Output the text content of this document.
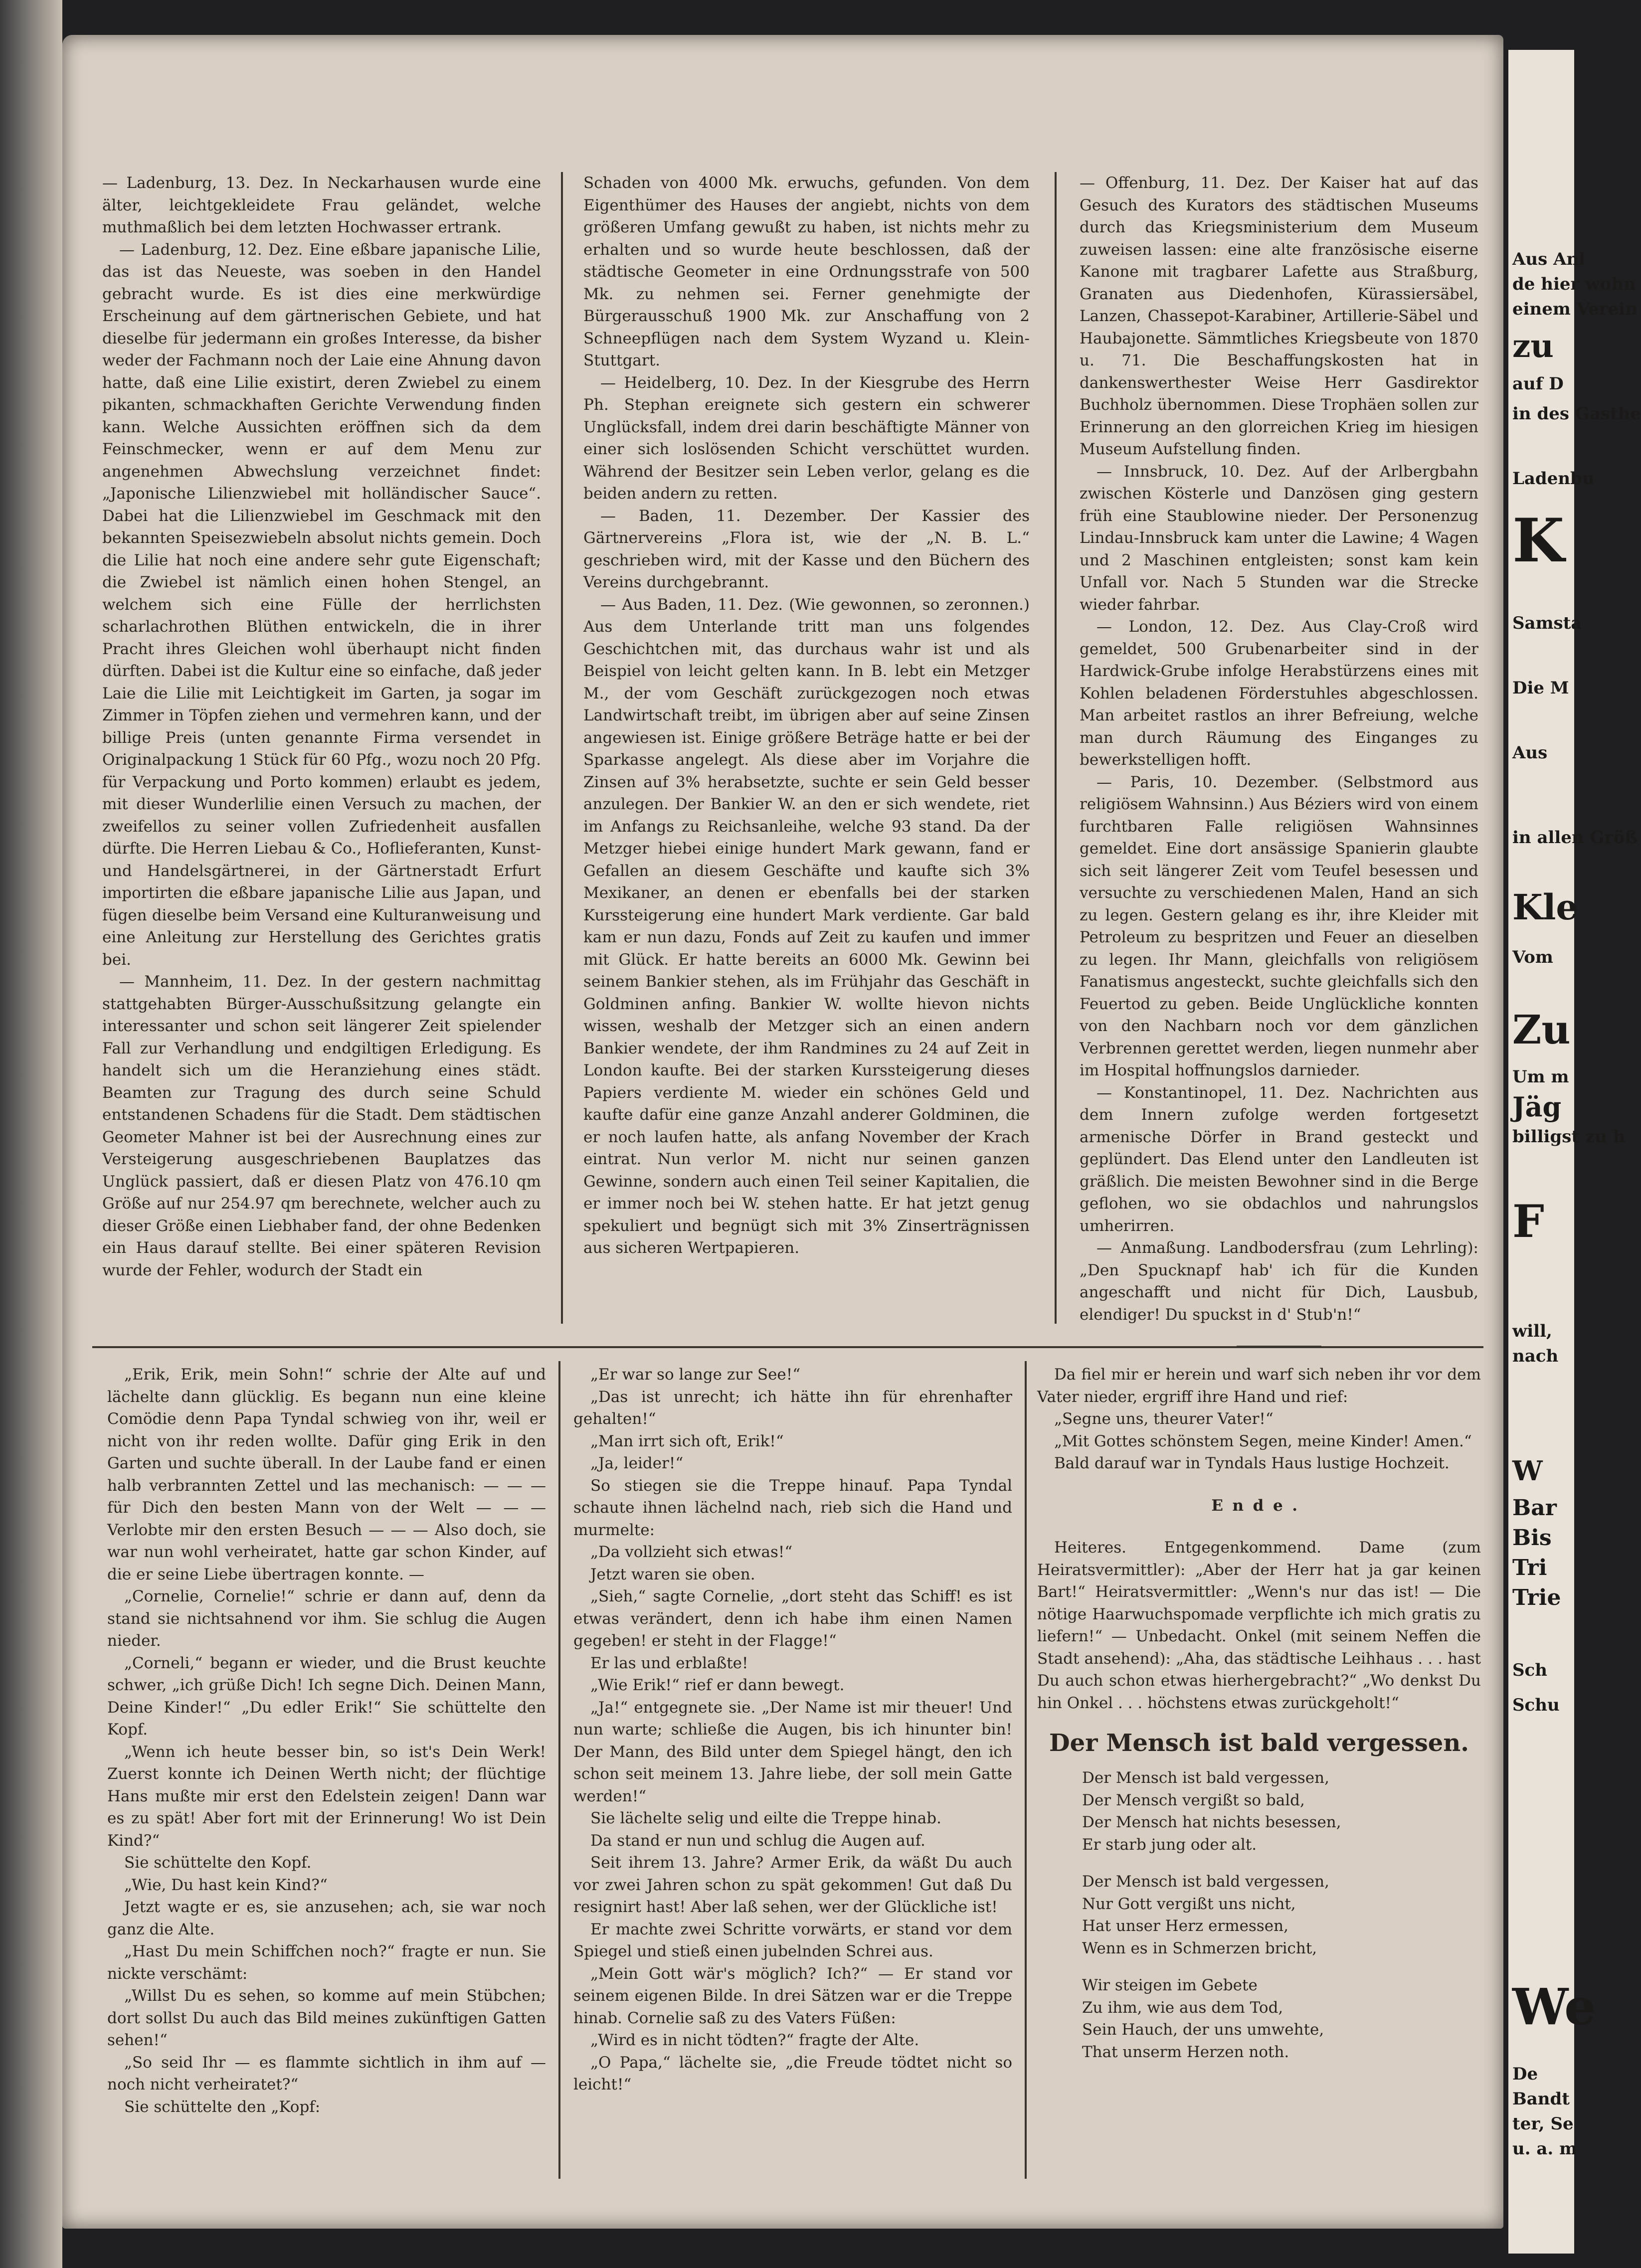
— Ladenburg, 13. Dez. In Neckarhausen wurde eine älter, leichtgekleidete Frau geländet, welche muthmaßlich bei dem letzten Hochwasser ertrank.

— Ladenburg, 12. Dez. Eine eßbare japanische Lilie, das ist das Neueste, was soeben in den Handel gebracht wurde. Es ist dies eine merkwürdige Erscheinung auf dem gärtnerischen Gebiete, und hat dieselbe für jedermann ein großes Interesse, da bisher weder der Fachmann noch der Laie eine Ahnung davon hatte, daß eine Lilie existirt, deren Zwiebel zu einem pikanten, schmackhaften Gerichte Verwendung finden kann. Welche Aussichten eröffnen sich da dem Feinschmecker, wenn er auf dem Menu zur angenehmen Abwechslung verzeichnet findet: „Japonische Lilienzwiebel mit holländischer Sauce“. Dabei hat die Lilienzwiebel im Geschmack mit den bekannten Speisezwiebeln absolut nichts gemein. Doch die Lilie hat noch eine andere sehr gute Eigenschaft; die Zwiebel ist nämlich einen hohen Stengel, an welchem sich eine Fülle der herrlichsten scharlachrothen Blüthen entwickeln, die in ihrer Pracht ihres Gleichen wohl überhaupt nicht finden dürften. Dabei ist die Kultur eine so einfache, daß jeder Laie die Lilie mit Leichtigkeit im Garten, ja sogar im Zimmer in Töpfen ziehen und vermehren kann, und der billige Preis (unten genannte Firma versendet in Originalpackung 1 Stück für 60 Pfg., wozu noch 20 Pfg. für Verpackung und Porto kommen) erlaubt es jedem, mit dieser Wunderlilie einen Versuch zu machen, der zweifellos zu seiner vollen Zufriedenheit ausfallen dürfte. Die Herren Liebau & Co., Hoflieferanten, Kunst- und Handelsgärtnerei, in der Gärtnerstadt Erfurt importirten die eßbare japanische Lilie aus Japan, und fügen dieselbe beim Versand eine Kulturanweisung und eine Anleitung zur Herstellung des Gerichtes gratis bei.

— Mannheim, 11. Dez. In der gestern nachmittag stattgehabten Bürger-Ausschußsitzung gelangte ein interessanter und schon seit längerer Zeit spielender Fall zur Verhandlung und endgiltigen Erledigung. Es handelt sich um die Heranziehung eines städt. Beamten zur Tragung des durch seine Schuld entstandenen Schadens für die Stadt. Dem städtischen Geometer Mahner ist bei der Ausrechnung eines zur Versteigerung ausgeschriebenen Bauplatzes das Unglück passiert, daß er diesen Platz von 476.10 qm Größe auf nur 254.97 qm berechnete, welcher auch zu dieser Größe einen Liebhaber fand, der ohne Bedenken ein Haus darauf stellte. Bei einer späteren Revision wurde der Fehler, wodurch der Stadt ein

Schaden von 4000 Mk. erwuchs, gefunden. Von dem Eigenthümer des Hauses der angiebt, nichts von dem größeren Umfang gewußt zu haben, ist nichts mehr zu erhalten und so wurde heute beschlossen, daß der städtische Geometer in eine Ordnungsstrafe von 500 Mk. zu nehmen sei. Ferner genehmigte der Bürgerausschuß 1900 Mk. zur Anschaffung von 2 Schneepflügen nach dem System Wyzand u. Klein-Stuttgart.

— Heidelberg, 10. Dez. In der Kiesgrube des Herrn Ph. Stephan ereignete sich gestern ein schwerer Unglücksfall, indem drei darin beschäftigte Männer von einer sich loslösenden Schicht verschüttet wurden. Während der Besitzer sein Leben verlor, gelang es die beiden andern zu retten.

— Baden, 11. Dezember. Der Kassier des Gärtnervereins „Flora ist, wie der „N. B. L.“ geschrieben wird, mit der Kasse und den Büchern des Vereins durchgebrannt.

— Aus Baden, 11. Dez. (Wie gewonnen, so zeronnen.) Aus dem Unterlande tritt man uns folgendes Geschichtchen mit, das durchaus wahr ist und als Beispiel von leicht gelten kann. In B. lebt ein Metzger M., der vom Geschäft zurückgezogen noch etwas Landwirtschaft treibt, im übrigen aber auf seine Zinsen angewiesen ist. Einige größere Beträge hatte er bei der Sparkasse angelegt. Als diese aber im Vorjahre die Zinsen auf 3% herabsetzte, suchte er sein Geld besser anzulegen. Der Bankier W. an den er sich wendete, riet im Anfangs zu Reichsanleihe, welche 93 stand. Da der Metzger hiebei einige hundert Mark gewann, fand er Gefallen an diesem Geschäfte und kaufte sich 3% Mexikaner, an denen er ebenfalls bei der starken Kurssteigerung eine hundert Mark verdiente. Gar bald kam er nun dazu, Fonds auf Zeit zu kaufen und immer mit Glück. Er hatte bereits an 6000 Mk. Gewinn bei seinem Bankier stehen, als im Frühjahr das Geschäft in Goldminen anfing. Bankier W. wollte hievon nichts wissen, weshalb der Metzger sich an einen andern Bankier wendete, der ihm Randmines zu 24 auf Zeit in London kaufte. Bei der starken Kurssteigerung dieses Papiers verdiente M. wieder ein schönes Geld und kaufte dafür eine ganze Anzahl anderer Goldminen, die er noch laufen hatte, als anfang November der Krach eintrat. Nun verlor M. nicht nur seinen ganzen Gewinne, sondern auch einen Teil seiner Kapitalien, die er immer noch bei W. stehen hatte. Er hat jetzt genug spekuliert und begnügt sich mit 3% Zinserträgnissen aus sicheren Wertpapieren.

— Offenburg, 11. Dez. Der Kaiser hat auf das Gesuch des Kurators des städtischen Museums durch das Kriegsministerium dem Museum zuweisen lassen: eine alte französische eiserne Kanone mit tragbarer Lafette aus Straßburg, Granaten aus Diedenhofen, Kürassiersäbel, Lanzen, Chassepot-Karabiner, Artillerie-Säbel und Haubajonette. Sämmtliches Kriegsbeute von 1870 u. 71. Die Beschaffungskosten hat in dankenswerthester Weise Herr Gasdirektor Buchholz übernommen. Diese Trophäen sollen zur Erinnerung an den glorreichen Krieg im hiesigen Museum Aufstellung finden.

— Innsbruck, 10. Dez. Auf der Arlbergbahn zwischen Kösterle und Danzösen ging gestern früh eine Staublowine nieder. Der Personenzug Lindau-Innsbruck kam unter die Lawine; 4 Wagen und 2 Maschinen entgleisten; sonst kam kein Unfall vor. Nach 5 Stunden war die Strecke wieder fahrbar.

— London, 12. Dez. Aus Clay-Croß wird gemeldet, 500 Grubenarbeiter sind in der Hardwick-Grube infolge Herabstürzens eines mit Kohlen beladenen Förderstuhles abgeschlossen. Man arbeitet rastlos an ihrer Befreiung, welche man durch Räumung des Einganges zu bewerkstelligen hofft.

— Paris, 10. Dezember. (Selbstmord aus religiösem Wahnsinn.) Aus Béziers wird von einem furchtbaren Falle religiösen Wahnsinnes gemeldet. Eine dort ansässige Spanierin glaubte sich seit längerer Zeit vom Teufel besessen und versuchte zu verschiedenen Malen, Hand an sich zu legen. Gestern gelang es ihr, ihre Kleider mit Petroleum zu bespritzen und Feuer an dieselben zu legen. Ihr Mann, gleichfalls von religiösem Fanatismus angesteckt, suchte gleichfalls sich den Feuertod zu geben. Beide Unglückliche konnten von den Nachbarn noch vor dem gänzlichen Verbrennen gerettet werden, liegen nunmehr aber im Hospital hoffnungslos darnieder.

— Konstantinopel, 11. Dez. Nachrichten aus dem Innern zufolge werden fortgesetzt armenische Dörfer in Brand gesteckt und geplündert. Das Elend unter den Landleuten ist gräßlich. Die meisten Bewohner sind in die Berge geflohen, wo sie obdachlos und nahrungslos umherirren.

— Anmaßung. Landbodersfrau (zum Lehrling): „Den Spucknapf hab' ich für die Kunden angeschafft und nicht für Dich, Lausbub, elendiger! Du spuckst in d' Stub'n!“

„Erik, Erik, mein Sohn!“ schrie der Alte auf und lächelte dann glücklig. Es begann nun eine kleine Comödie denn Papa Tyndal schwieg von ihr, weil er nicht von ihr reden wollte. Dafür ging Erik in den Garten und suchte überall. In der Laube fand er einen halb verbrannten Zettel und las mechanisch: — — — für Dich den besten Mann von der Welt — — — Verlobte mir den ersten Besuch — — — Also doch, sie war nun wohl verheiratet, hatte gar schon Kinder, auf die er seine Liebe übertragen konnte. —

„Cornelie, Cornelie!“ schrie er dann auf, denn da stand sie nichtsahnend vor ihm. Sie schlug die Augen nieder.

„Corneli,“ begann er wieder, und die Brust keuchte schwer, „ich grüße Dich! Ich segne Dich. Deinen Mann, Deine Kinder!“ „Du edler Erik!“ Sie schüttelte den Kopf.

„Wenn ich heute besser bin, so ist's Dein Werk! Zuerst konnte ich Deinen Werth nicht; der flüchtige Hans mußte mir erst den Edelstein zeigen! Dann war es zu spät! Aber fort mit der Erinnerung! Wo ist Dein Kind?“

Sie schüttelte den Kopf.

„Wie, Du hast kein Kind?“

Jetzt wagte er es, sie anzusehen; ach, sie war noch ganz die Alte.

„Hast Du mein Schiffchen noch?“ fragte er nun. Sie nickte verschämt:

„Willst Du es sehen, so komme auf mein Stübchen; dort sollst Du auch das Bild meines zukünftigen Gatten sehen!“

„So seid Ihr — es flammte sichtlich in ihm auf — noch nicht verheiratet?“

Sie schüttelte den „Kopf:

„Er war so lange zur See!“

„Das ist unrecht; ich hätte ihn für ehrenhafter gehalten!“

„Man irrt sich oft, Erik!“

„Ja, leider!“

So stiegen sie die Treppe hinauf. Papa Tyndal schaute ihnen lächelnd nach, rieb sich die Hand und murmelte:

„Da vollzieht sich etwas!“

Jetzt waren sie oben.

„Sieh,“ sagte Cornelie, „dort steht das Schiff! es ist etwas verändert, denn ich habe ihm einen Namen gegeben! er steht in der Flagge!“

Er las und erblaßte!

„Wie Erik!“ rief er dann bewegt.

„Ja!“ entgegnete sie. „Der Name ist mir theuer! Und nun warte; schließe die Augen, bis ich hinunter bin! Der Mann, des Bild unter dem Spiegel hängt, den ich schon seit meinem 13. Jahre liebe, der soll mein Gatte werden!“

Sie lächelte selig und eilte die Treppe hinab.

Da stand er nun und schlug die Augen auf.

Seit ihrem 13. Jahre? Armer Erik, da wäßt Du auch vor zwei Jahren schon zu spät gekommen! Gut daß Du resignirt hast! Aber laß sehen, wer der Glückliche ist!

Er machte zwei Schritte vorwärts, er stand vor dem Spiegel und stieß einen jubelnden Schrei aus.

„Mein Gott wär's möglich? Ich?“ — Er stand vor seinem eigenen Bilde. In drei Sätzen war er die Treppe hinab. Cornelie saß zu des Vaters Füßen:

„Wird es in nicht tödten?“ fragte der Alte.

„O Papa,“ lächelte sie, „die Freude tödtet nicht so leicht!“

Da fiel mir er herein und warf sich neben ihr vor dem Vater nieder, ergriff ihre Hand und rief:

„Segne uns, theurer Vater!“

„Mit Gottes schönstem Segen, meine Kinder! Amen.“

Bald darauf war in Tyndals Haus lustige Hochzeit.

Ende.

Heiteres. Entgegenkommend. Dame (zum Heiratsvermittler): „Aber der Herr hat ja gar keinen Bart!“ Heiratsvermittler: „Wenn's nur das ist! — Die nötige Haarwuchspomade verpflichte ich mich gratis zu liefern!“ — Unbedacht. Onkel (mit seinem Neffen die Stadt ansehend): „Aha, das städtische Leihhaus . . . hast Du auch schon etwas hierhergebracht?“ „Wo denkst Du hin Onkel . . . höchstens etwas zurückgeholt!“

Der Mensch ist bald vergessen.
Der Mensch ist bald vergessen,
Der Mensch vergißt so bald,
Der Mensch hat nichts besessen,
Er starb jung oder alt.
Der Mensch ist bald vergessen,
Nur Gott vergißt uns nicht,
Hat unser Herz ermessen,
Wenn es in Schmerzen bricht,
Wir steigen im Gebete
Zu ihm, wie aus dem Tod,
Sein Hauch, der uns umwehte,
That unserm Herzen noth.
Aus Anl
de hier wohn
einem Verein
zu
auf D
in des Gasthe
Ladenbu
K
Samsta
Die M
Aus
in allen Größ
Kle
Vom
Zu
Um m
Jäg
billigst zu h
F
will,
nach
Sch
W
Bar
Bis
Tri
Trie
Schu
We
De
Bandt
ter, Se
u. a. m
